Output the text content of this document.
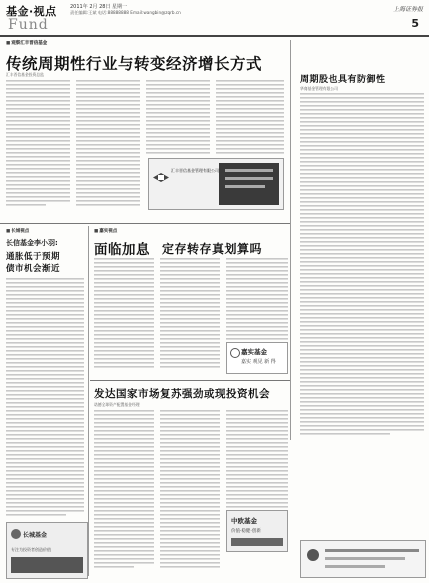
基金·视点	2011年 2月 28日 星期一
责任编辑:王斌 电话:88888888 Email:wangbin@zqrb.cn	上海证券报
Fund	5
■ 观察汇丰晋信基金
传统周期性行业与转变经济增长方式
汇丰晋信基金投资总监
汇丰晋信基金管理有限公司
周期股也具有防御性
华商基金管理有限公司
■ 长城视点
长信基金李小羽:
通胀低于预期
债市机会渐近
长城基金
专注为投资者创造价值
■ 嘉实视点
面临加息 定存转存真划算吗
嘉实基金
嘉实 观见 新 得
发达国家市场复苏强劲或现投资机会
诺德全球资产配置基金经理
中欧基金
价值·稳健·创新
